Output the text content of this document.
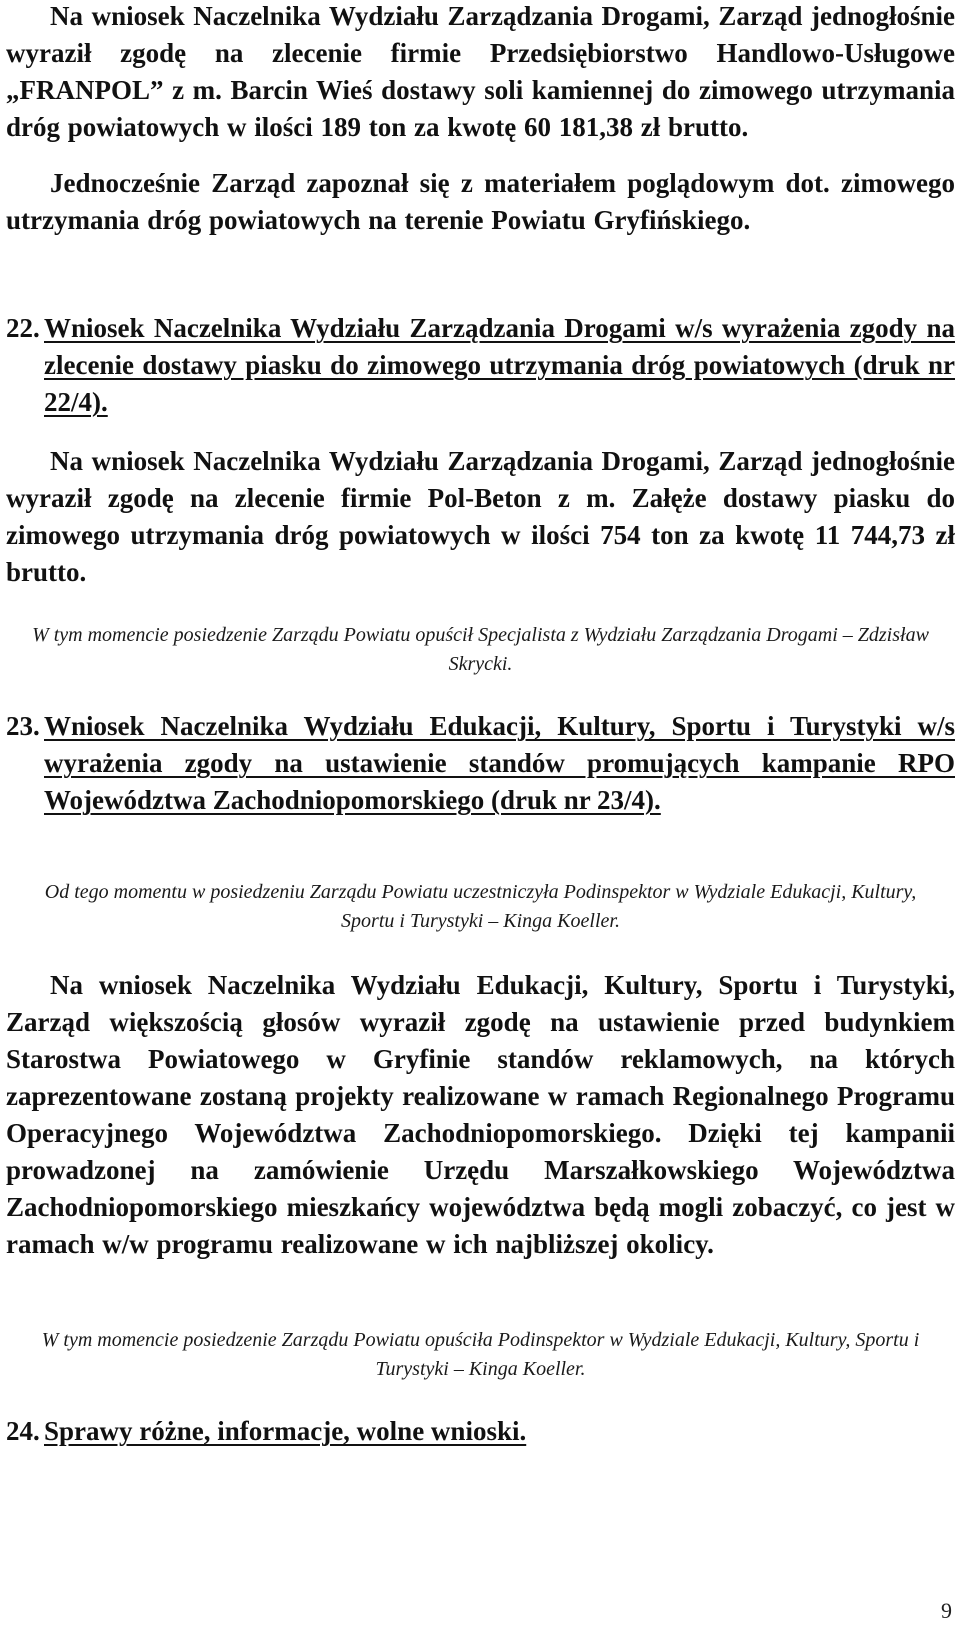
Na wniosek Naczelnika Wydziału Zarządzania Drogami, Zarząd jednogłośnie wyraził zgodę na zlecenie firmie Przedsiębiorstwo Handlowo-Usługowe „FRANPOL” z m. Barcin Wieś dostawy soli kamiennej do zimowego utrzymania dróg powiatowych w ilości 189 ton za kwotę 60 181,38 zł brutto.

Jednocześnie Zarząd zapoznał się z materiałem poglądowym dot. zimowego utrzymania dróg powiatowych na terenie Powiatu Gryfińskiego.

22. Wniosek Naczelnika Wydziału Zarządzania Drogami w/s wyrażenia zgody na zlecenie dostawy piasku do zimowego utrzymania dróg powiatowych (druk nr 22/4).

Na wniosek Naczelnika Wydziału Zarządzania Drogami, Zarząd jednogłośnie wyraził zgodę na zlecenie firmie Pol-Beton z m. Załęże dostawy piasku do zimowego utrzymania dróg powiatowych w ilości 754 ton za kwotę 11 744,73 zł brutto.

W tym momencie posiedzenie Zarządu Powiatu opuścił Specjalista z Wydziału Zarządzania Drogami – Zdzisław Skrycki.

23. Wniosek Naczelnika Wydziału Edukacji, Kultury, Sportu i Turystyki w/s wyrażenia zgody na ustawienie standów promujących kampanie RPO Województwa Zachodniopomorskiego (druk nr 23/4).

Od tego momentu w posiedzeniu Zarządu Powiatu uczestniczyła Podinspektor w Wydziale Edukacji, Kultury, Sportu i Turystyki – Kinga Koeller.

Na wniosek Naczelnika Wydziału Edukacji, Kultury, Sportu i Turystyki, Zarząd większością głosów wyraził zgodę na ustawienie przed budynkiem Starostwa Powiatowego w Gryfinie standów reklamowych, na których zaprezentowane zostaną projekty realizowane w ramach Regionalnego Programu Operacyjnego Województwa Zachodniopomorskiego. Dzięki tej kampanii prowadzonej na zamówienie Urzędu Marszałkowskiego Województwa Zachodniopomorskiego mieszkańcy województwa będą mogli zobaczyć, co jest w ramach w/w programu realizowane w ich najbliższej okolicy.

W tym momencie posiedzenie Zarządu Powiatu opuściła Podinspektor w Wydziale Edukacji, Kultury, Sportu i Turystyki – Kinga Koeller.

24. Sprawy różne, informacje, wolne wnioski.
9
